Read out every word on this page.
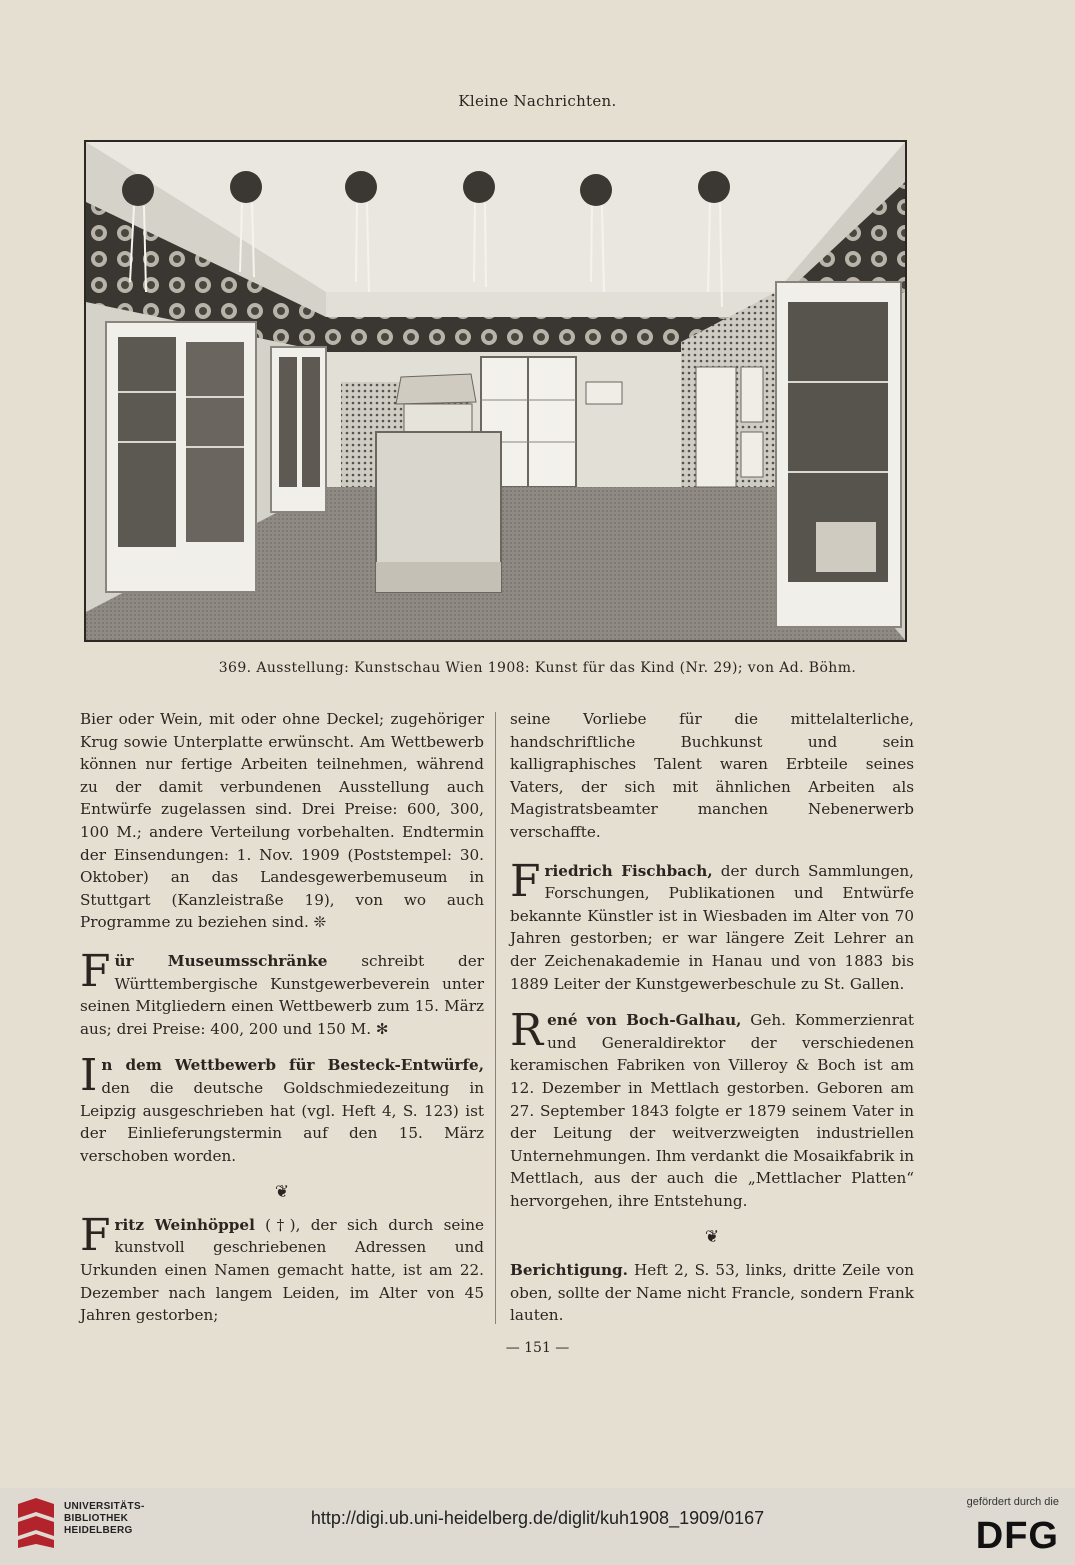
Kleine Nachrichten.
369. Ausstellung: Kunstschau Wien 1908: Kunst für das Kind (Nr. 29); von Ad. Böhm.

Bier oder Wein, mit oder ohne Deckel; zugehöriger Krug sowie Unterplatte erwünscht. Am Wettbewerb können nur fertige Arbeiten teilnehmen, während zu der damit verbundenen Ausstellung auch Entwürfe zugelassen sind. Drei Preise: 600, 300, 100 M.; andere Verteilung vorbehalten. Endtermin der Einsendungen: 1. Nov. 1909 (Poststempel: 30. Oktober) an das Landesgewerbemuseum in Stuttgart (Kanzleistraße 19), von wo auch Programme zu beziehen sind. ❊

Für Museumsschränke schreibt der Württembergische Kunstgewerbeverein unter seinen Mitgliedern einen Wettbewerb zum 15. März aus; drei Preise: 400, 200 und 150 M. ✻

In dem Wettbewerb für Besteck-Entwürfe, den die deutsche Goldschmiedezeitung in Leipzig ausgeschrieben hat (vgl. Heft 4, S. 123) ist der Einlieferungstermin auf den 15. März verschoben worden.

❦

Fritz Weinhöppel (†), der sich durch seine kunstvoll geschriebenen Adressen und Urkunden einen Namen gemacht hatte, ist am 22. Dezember nach langem Leiden, im Alter von 45 Jahren gestorben;

seine Vorliebe für die mittelalterliche, handschriftliche Buchkunst und sein kalligraphisches Talent waren Erbteile seines Vaters, der sich mit ähnlichen Arbeiten als Magistratsbeamter manchen Nebenerwerb verschaffte.

Friedrich Fischbach, der durch Sammlungen, Forschungen, Publikationen und Entwürfe bekannte Künstler ist in Wiesbaden im Alter von 70 Jahren gestorben; er war längere Zeit Lehrer an der Zeichenakademie in Hanau und von 1883 bis 1889 Leiter der Kunstgewerbeschule zu St. Gallen.

René von Boch-Galhau, Geh. Kommerzienrat und Generaldirektor der verschiedenen keramischen Fabriken von Villeroy & Boch ist am 12. Dezember in Mettlach gestorben. Geboren am 27. September 1843 folgte er 1879 seinem Vater in der Leitung der weitverzweigten industriellen Unternehmungen. Ihm verdankt die Mosaikfabrik in Mettlach, aus der auch die „Mettlacher Platten“ hervorgehen, ihre Entstehung.

❦

Berichtigung. Heft 2, S. 53, links, dritte Zeile von oben, sollte der Name nicht Francle, sondern Frank lauten.

— 151 —
UNIVERSITÄTS-
BIBLIOTHEK
HEIDELBERG
http://digi.ub.uni-heidelberg.de/diglit/kuh1908_1909/0167
gefördert durch die
DFG
